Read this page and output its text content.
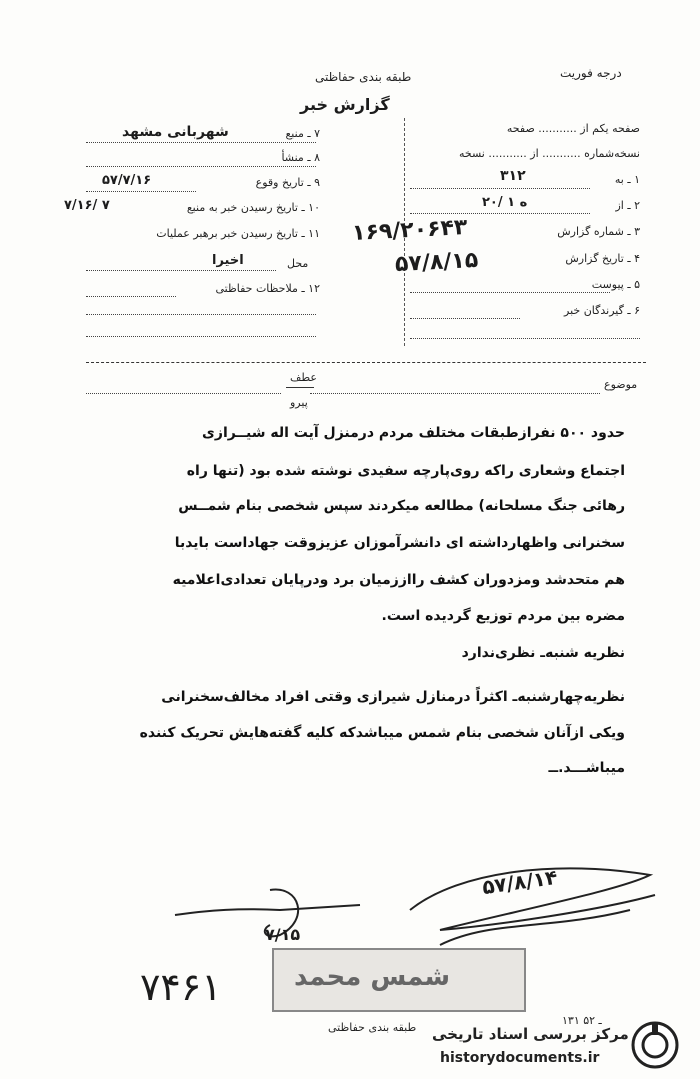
طبقه بندی حفاظتی
گزارش خبر
درجه فوریت
۷ ـ منبع
شهربانی مشهد
۸ ـ منشأ
۹ ـ تاریخ وقوع
۵۷/۷/۱۶
۱۰ ـ تاریخ رسیدن خبر به منبع
۷/۱۶/ ۷
۱۱ ـ تاریخ رسیدن خبر برهبر عملیات
محل
اخیرا
۱۲ ـ ملاحظات حفاظتی
صفحه یکم از ........... صفحه
نسخه‌شماره ........... از ........... نسخه
۱ ـ به
۳۱۲
۲ ـ از
۲۰/ ه ۱
۳ ـ شماره گزارش
۱۶۹/۲۰۶۴۳
۴ ـ تاریخ گزارش
۵۷/۸/۱۵
۵ ـ پیوست
۶ ـ گیرندگان خبر
موضوع
عطف
پیرو
حدود ۵۰۰ نفرازطبقات مختلف مردم درمنزل آیت اله شیــرازی
اجتماع وشعاری راکه روی‌پارچه سفیدی نوشته شده بود (تنها راه
رهائی جنگ مسلحانه) مطالعه میکردند سپس شخصی بنام شمــس
سخنرانی واظهارداشته ای دانشرآموزان عزیزوقت جهاداست بایدبا
هم متحدشد ومزدوران کشف رااززمیان برد ودرپایان تعدادی‌اعلامیه
مضره بین مردم توزیع گردیده است.
نظریه شنبه‌ـ نظری‌ندارد
نظریه‌چهارشنبه‌ـ اکثراً درمنازل شیرازی وقتی افراد مخالف‌سخنرانی
ویکی ازآنان شخصی بنام شمس میباشدکه کلیه گفته‌هایش تحریک کننده
میباشـــد.ــ
۵۷/۸/۱۴
۷/۱۵
شمس محمد
۷۴۶۱
۱۳۱ ـ ۵۲
طبقه بندی حفاظتی مرکز بررسی اسناد تاریخی
historydocuments.ir
